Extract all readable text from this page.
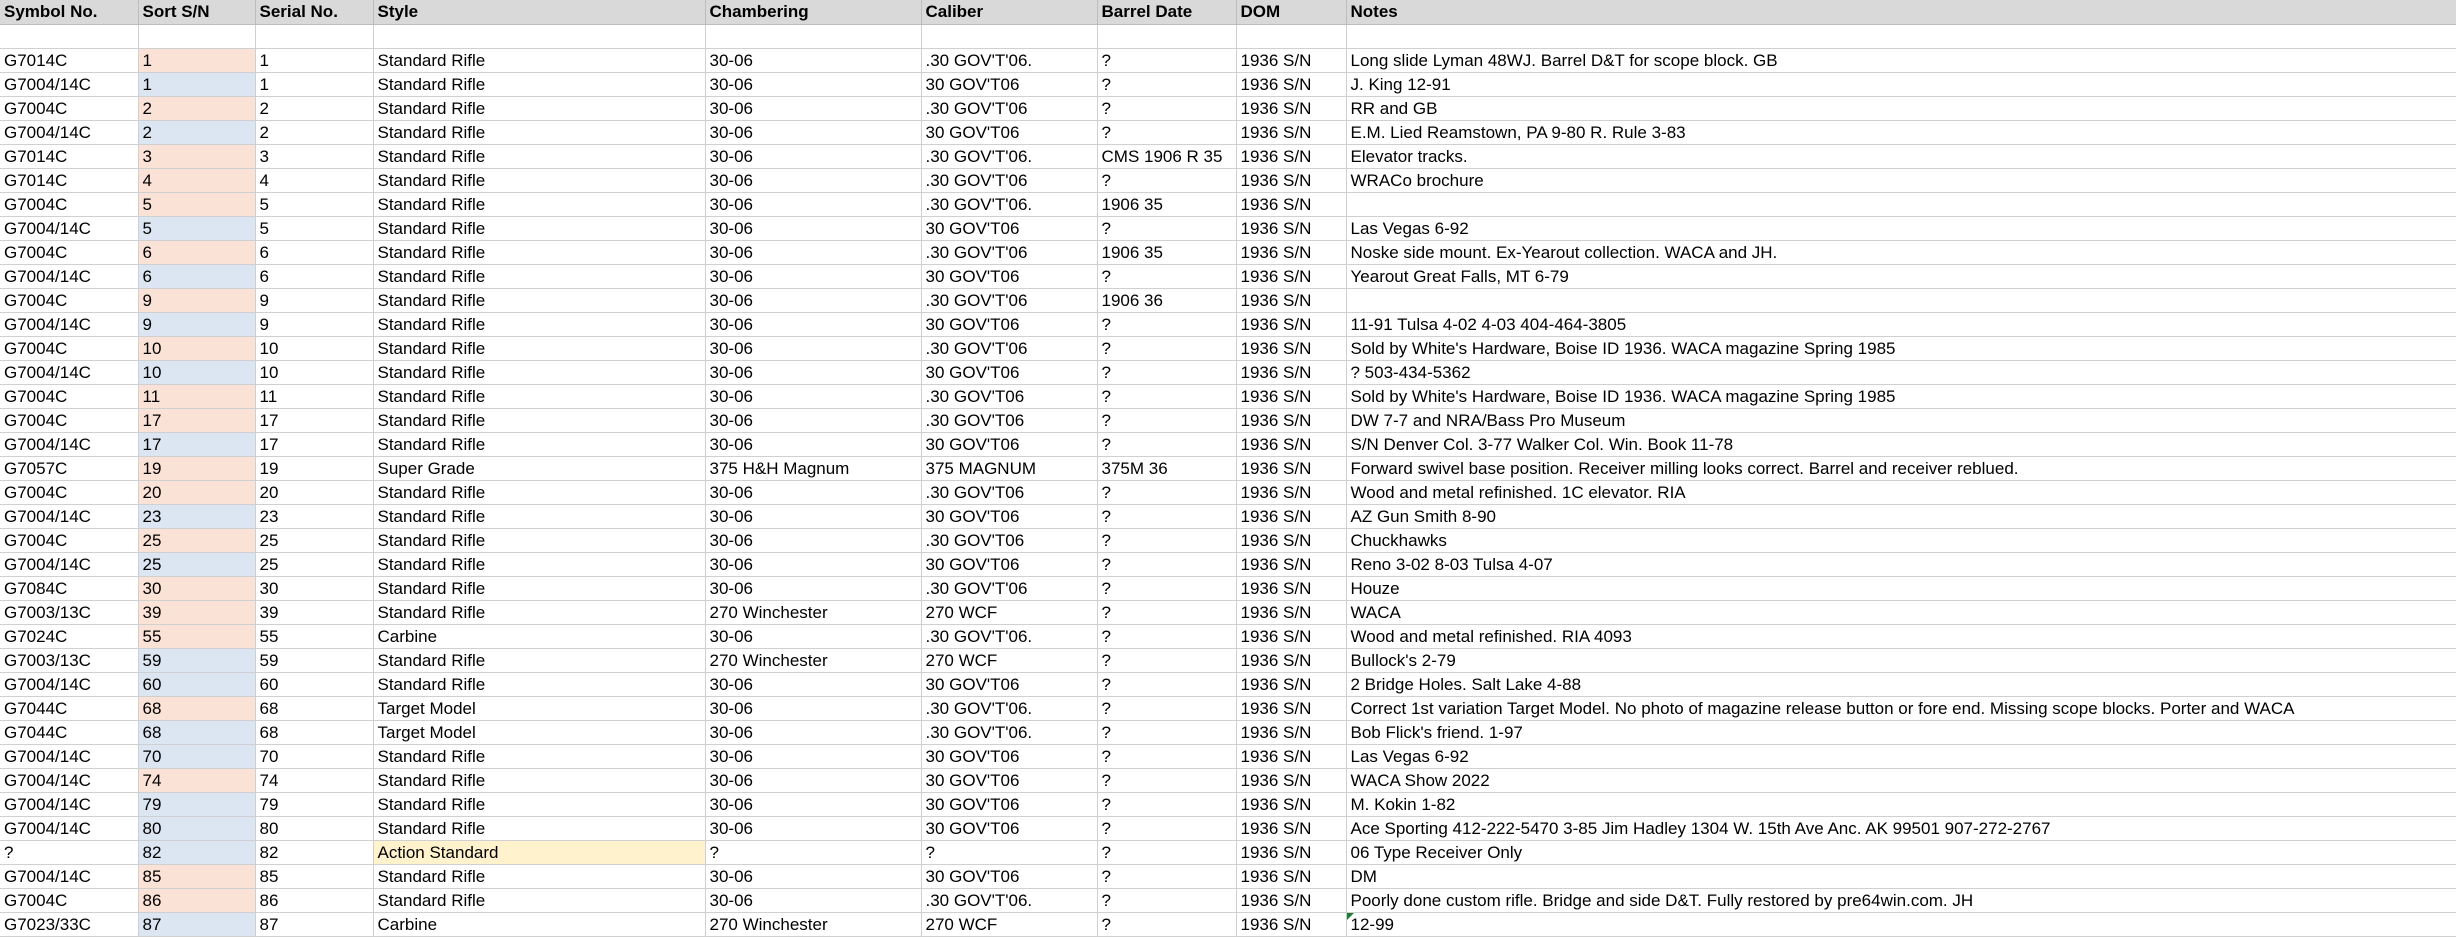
Symbol No.	Sort S/N	Serial No.	Style	Chambering	Caliber	Barrel Date	DOM	Notes

G7014C	1	1	Standard Rifle	30-06	.30 GOV'T'06.	?	1936 S/N	Long slide Lyman 48WJ. Barrel D&T for scope block. GB
G7004/14C	1	1	Standard Rifle	30-06	30 GOV'T06	?	1936 S/N	J. King 12-91
G7004C	2	2	Standard Rifle	30-06	.30 GOV'T'06	?	1936 S/N	RR and GB
G7004/14C	2	2	Standard Rifle	30-06	30 GOV'T06	?	1936 S/N	E.M. Lied Reamstown, PA 9-80 R. Rule 3-83
G7014C	3	3	Standard Rifle	30-06	.30 GOV'T'06.	CMS 1906 R 35	1936 S/N	Elevator tracks.
G7014C	4	4	Standard Rifle	30-06	.30 GOV'T'06	?	1936 S/N	WRACo brochure
G7004C	5	5	Standard Rifle	30-06	.30 GOV'T'06.	1906 35	1936 S/N	
G7004/14C	5	5	Standard Rifle	30-06	30 GOV'T06	?	1936 S/N	Las Vegas 6-92
G7004C	6	6	Standard Rifle	30-06	.30 GOV'T'06	1906 35	1936 S/N	Noske side mount. Ex-Yearout collection. WACA and JH.
G7004/14C	6	6	Standard Rifle	30-06	30 GOV'T06	?	1936 S/N	Yearout Great Falls, MT 6-79
G7004C	9	9	Standard Rifle	30-06	.30 GOV'T'06	1906 36	1936 S/N	
G7004/14C	9	9	Standard Rifle	30-06	30 GOV'T06	?	1936 S/N	11-91 Tulsa 4-02 4-03 404-464-3805
G7004C	10	10	Standard Rifle	30-06	.30 GOV'T'06	?	1936 S/N	Sold by White's Hardware, Boise ID 1936. WACA magazine Spring 1985
G7004/14C	10	10	Standard Rifle	30-06	30 GOV'T06	?	1936 S/N	? 503-434-5362
G7004C	11	11	Standard Rifle	30-06	.30 GOV'T06	?	1936 S/N	Sold by White's Hardware, Boise ID 1936. WACA magazine Spring 1985
G7004C	17	17	Standard Rifle	30-06	.30 GOV'T06	?	1936 S/N	DW 7-7 and NRA/Bass Pro Museum
G7004/14C	17	17	Standard Rifle	30-06	30 GOV'T06	?	1936 S/N	S/N Denver Col. 3-77 Walker Col. Win. Book 11-78
G7057C	19	19	Super Grade	375 H&H Magnum	375 MAGNUM	375M 36	1936 S/N	Forward swivel base position. Receiver milling looks correct. Barrel and receiver reblued.
G7004C	20	20	Standard Rifle	30-06	.30 GOV'T06	?	1936 S/N	Wood and metal refinished. 1C elevator. RIA
G7004/14C	23	23	Standard Rifle	30-06	30 GOV'T06	?	1936 S/N	AZ Gun Smith 8-90
G7004C	25	25	Standard Rifle	30-06	.30 GOV'T06	?	1936 S/N	Chuckhawks
G7004/14C	25	25	Standard Rifle	30-06	30 GOV'T06	?	1936 S/N	Reno 3-02 8-03 Tulsa 4-07
G7084C	30	30	Standard Rifle	30-06	.30 GOV'T'06	?	1936 S/N	Houze
G7003/13C	39	39	Standard Rifle	270 Winchester	270 WCF	?	1936 S/N	WACA
G7024C	55	55	Carbine	30-06	.30 GOV'T'06.	?	1936 S/N	Wood and metal refinished. RIA 4093
G7003/13C	59	59	Standard Rifle	270 Winchester	270 WCF	?	1936 S/N	Bullock's 2-79
G7004/14C	60	60	Standard Rifle	30-06	30 GOV'T06	?	1936 S/N	2 Bridge Holes. Salt Lake 4-88
G7044C	68	68	Target Model	30-06	.30 GOV'T'06.	?	1936 S/N	Correct 1st variation Target Model. No photo of magazine release button or fore end. Missing scope blocks. Porter and WACA
G7044C	68	68	Target Model	30-06	.30 GOV'T'06.	?	1936 S/N	Bob Flick's friend. 1-97
G7004/14C	70	70	Standard Rifle	30-06	30 GOV'T06	?	1936 S/N	Las Vegas 6-92
G7004/14C	74	74	Standard Rifle	30-06	30 GOV'T06	?	1936 S/N	WACA Show 2022
G7004/14C	79	79	Standard Rifle	30-06	30 GOV'T06	?	1936 S/N	M. Kokin 1-82
G7004/14C	80	80	Standard Rifle	30-06	30 GOV'T06	?	1936 S/N	Ace Sporting 412-222-5470 3-85 Jim Hadley 1304 W. 15th Ave Anc. AK 99501 907-272-2767
?	82	82	Action Standard	?	?	?	1936 S/N	06 Type Receiver Only
G7004/14C	85	85	Standard Rifle	30-06	30 GOV'T06	?	1936 S/N	DM
G7004C	86	86	Standard Rifle	30-06	.30 GOV'T'06.	?	1936 S/N	Poorly done custom rifle. Bridge and side D&T. Fully restored by pre64win.com. JH
G7023/33C	87	87	Carbine	270 Winchester	270 WCF	?	1936 S/N	12-99
